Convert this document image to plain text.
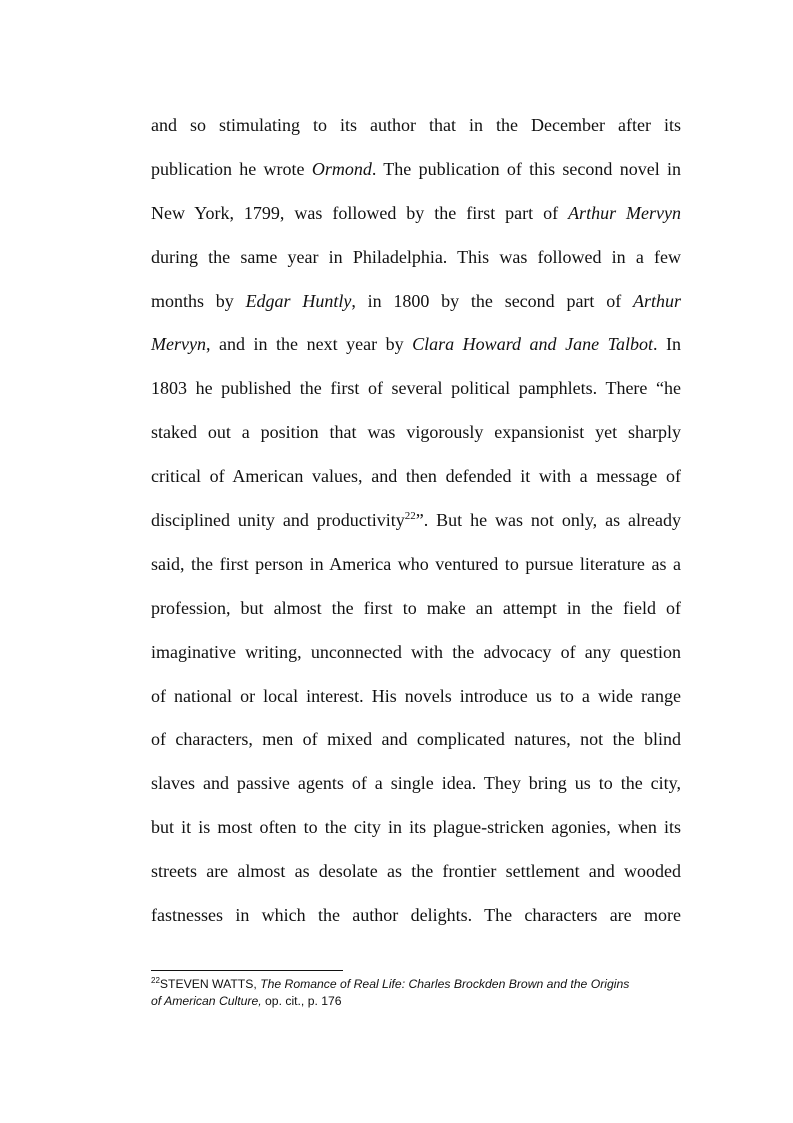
and so stimulating to its author that in the December after its
publication he wrote Ormond. The publication of this second novel in
New York, 1799, was followed by the first part of Arthur Mervyn
during the same year in Philadelphia. This was followed in a few
months by Edgar Huntly, in 1800 by the second part of Arthur
Mervyn, and in the next year by Clara Howard and Jane Talbot. In
1803 he published the first of several political pamphlets. There “he
staked out a position that was vigorously expansionist yet sharply
critical of American values, and then defended it with a message of
disciplined unity and productivity$^{22}$”. But he was not only, as already
said, the first person in America who ventured to pursue literature as a
profession, but almost the first to make an attempt in the field of
imaginative writing, unconnected with the advocacy of any question
of national or local interest. His novels introduce us to a wide range
of characters, men of mixed and complicated natures, not the blind
slaves and passive agents of a single idea. They bring us to the city,
but it is most often to the city in its plague-stricken agonies, when its
streets are almost as desolate as the frontier settlement and wooded
fastnesses in which the author delights. The characters are more
$^{22}$STEVEN WATTS, The Romance of Real Life: Charles Brockden Brown and the Origins
of American Culture, op. cit., p. 176
